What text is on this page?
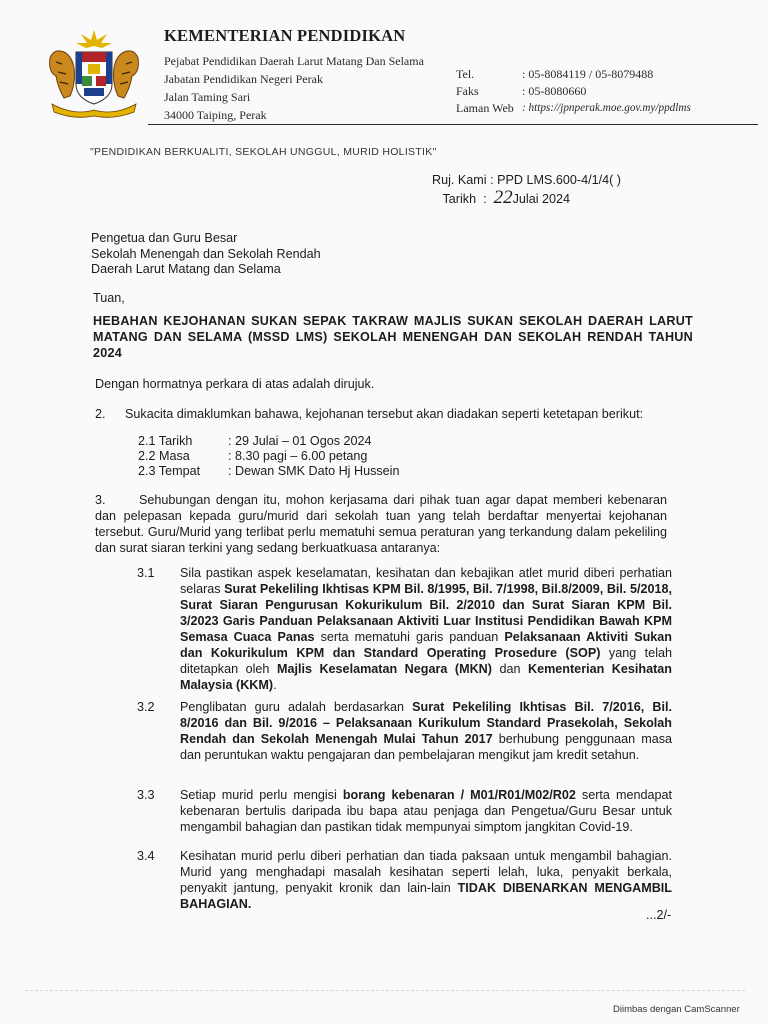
KEMENTERIAN PENDIDIKAN
Pejabat Pendidikan Daerah Larut Matang Dan Selama
Jabatan Pendidikan Negeri Perak
Jalan Taming Sari
34000 Taiping, Perak
Tel.	: 05-8084119 / 05-8079488
Faks	: 05-8080660
Laman Web : https://jpnperak.moe.gov.my/ppdlms
"PENDIDIKAN BERKUALITI, SEKOLAH UNGGUL, MURID HOLISTIK"
Ruj. Kami : PPD LMS.600-4/1/4( )
Tarikh : 22Julai 2024
Pengetua dan Guru Besar
Sekolah Menengah dan Sekolah Rendah
Daerah Larut Matang dan Selama
Tuan,
HEBAHAN KEJOHANAN SUKAN SEPAK TAKRAW MAJLIS SUKAN SEKOLAH DAERAH LARUT MATANG DAN SELAMA (MSSD LMS) SEKOLAH MENENGAH DAN SEKOLAH RENDAH TAHUN 2024
Dengan hormatnya perkara di atas adalah dirujuk.
2.	Sukacita dimaklumkan bahawa, kejohanan tersebut akan diadakan seperti ketetapan berikut:
2.1 Tarikh	: 29 Julai – 01 Ogos 2024
2.2 Masa	: 8.30 pagi – 6.00 petang
2.3 Tempat	: Dewan SMK Dato Hj Hussein
3.	Sehubungan dengan itu, mohon kerjasama dari pihak tuan agar dapat memberi kebenaran dan pelepasan kepada guru/murid dari sekolah tuan yang telah berdaftar menyertai kejohanan tersebut. Guru/Murid yang terlibat perlu mematuhi semua peraturan yang terkandung dalam pekeliling dan surat siaran terkini yang sedang berkuatkuasa antaranya:
3.1 Sila pastikan aspek keselamatan, kesihatan dan kebajikan atlet murid diberi perhatian selaras Surat Pekeliling Ikhtisas KPM Bil. 8/1995, Bil. 7/1998, Bil.8/2009, Bil. 5/2018, Surat Siaran Pengurusan Kokurikulum Bil. 2/2010 dan Surat Siaran KPM Bil. 3/2023 Garis Panduan Pelaksanaan Aktiviti Luar Institusi Pendidikan Bawah KPM Semasa Cuaca Panas serta mematuhi garis panduan Pelaksanaan Aktiviti Sukan dan Kokurikulum KPM dan Standard Operating Prosedure (SOP) yang telah ditetapkan oleh Majlis Keselamatan Negara (MKN) dan Kementerian Kesihatan Malaysia (KKM).
3.2 Penglibatan guru adalah berdasarkan Surat Pekeliling Ikhtisas Bil. 7/2016, Bil. 8/2016 dan Bil. 9/2016 – Pelaksanaan Kurikulum Standard Prasekolah, Sekolah Rendah dan Sekolah Menengah Mulai Tahun 2017 berhubung penggunaan masa dan peruntukan waktu pengajaran dan pembelajaran mengikut jam kredit setahun.
3.3 Setiap murid perlu mengisi borang kebenaran / M01/R01/M02/R02 serta mendapat kebenaran bertulis daripada ibu bapa atau penjaga dan Pengetua/Guru Besar untuk mengambil bahagian dan pastikan tidak mempunyai simptom jangkitan Covid-19.
3.4 Kesihatan murid perlu diberi perhatian dan tiada paksaan untuk mengambil bahagian. Murid yang menghadapi masalah kesihatan seperti lelah, luka, penyakit berkala, penyakit jantung, penyakit kronik dan lain-lain TIDAK DIBENARKAN MENGAMBIL BAHAGIAN.
...2/-
Diimbas dengan CamScanner
